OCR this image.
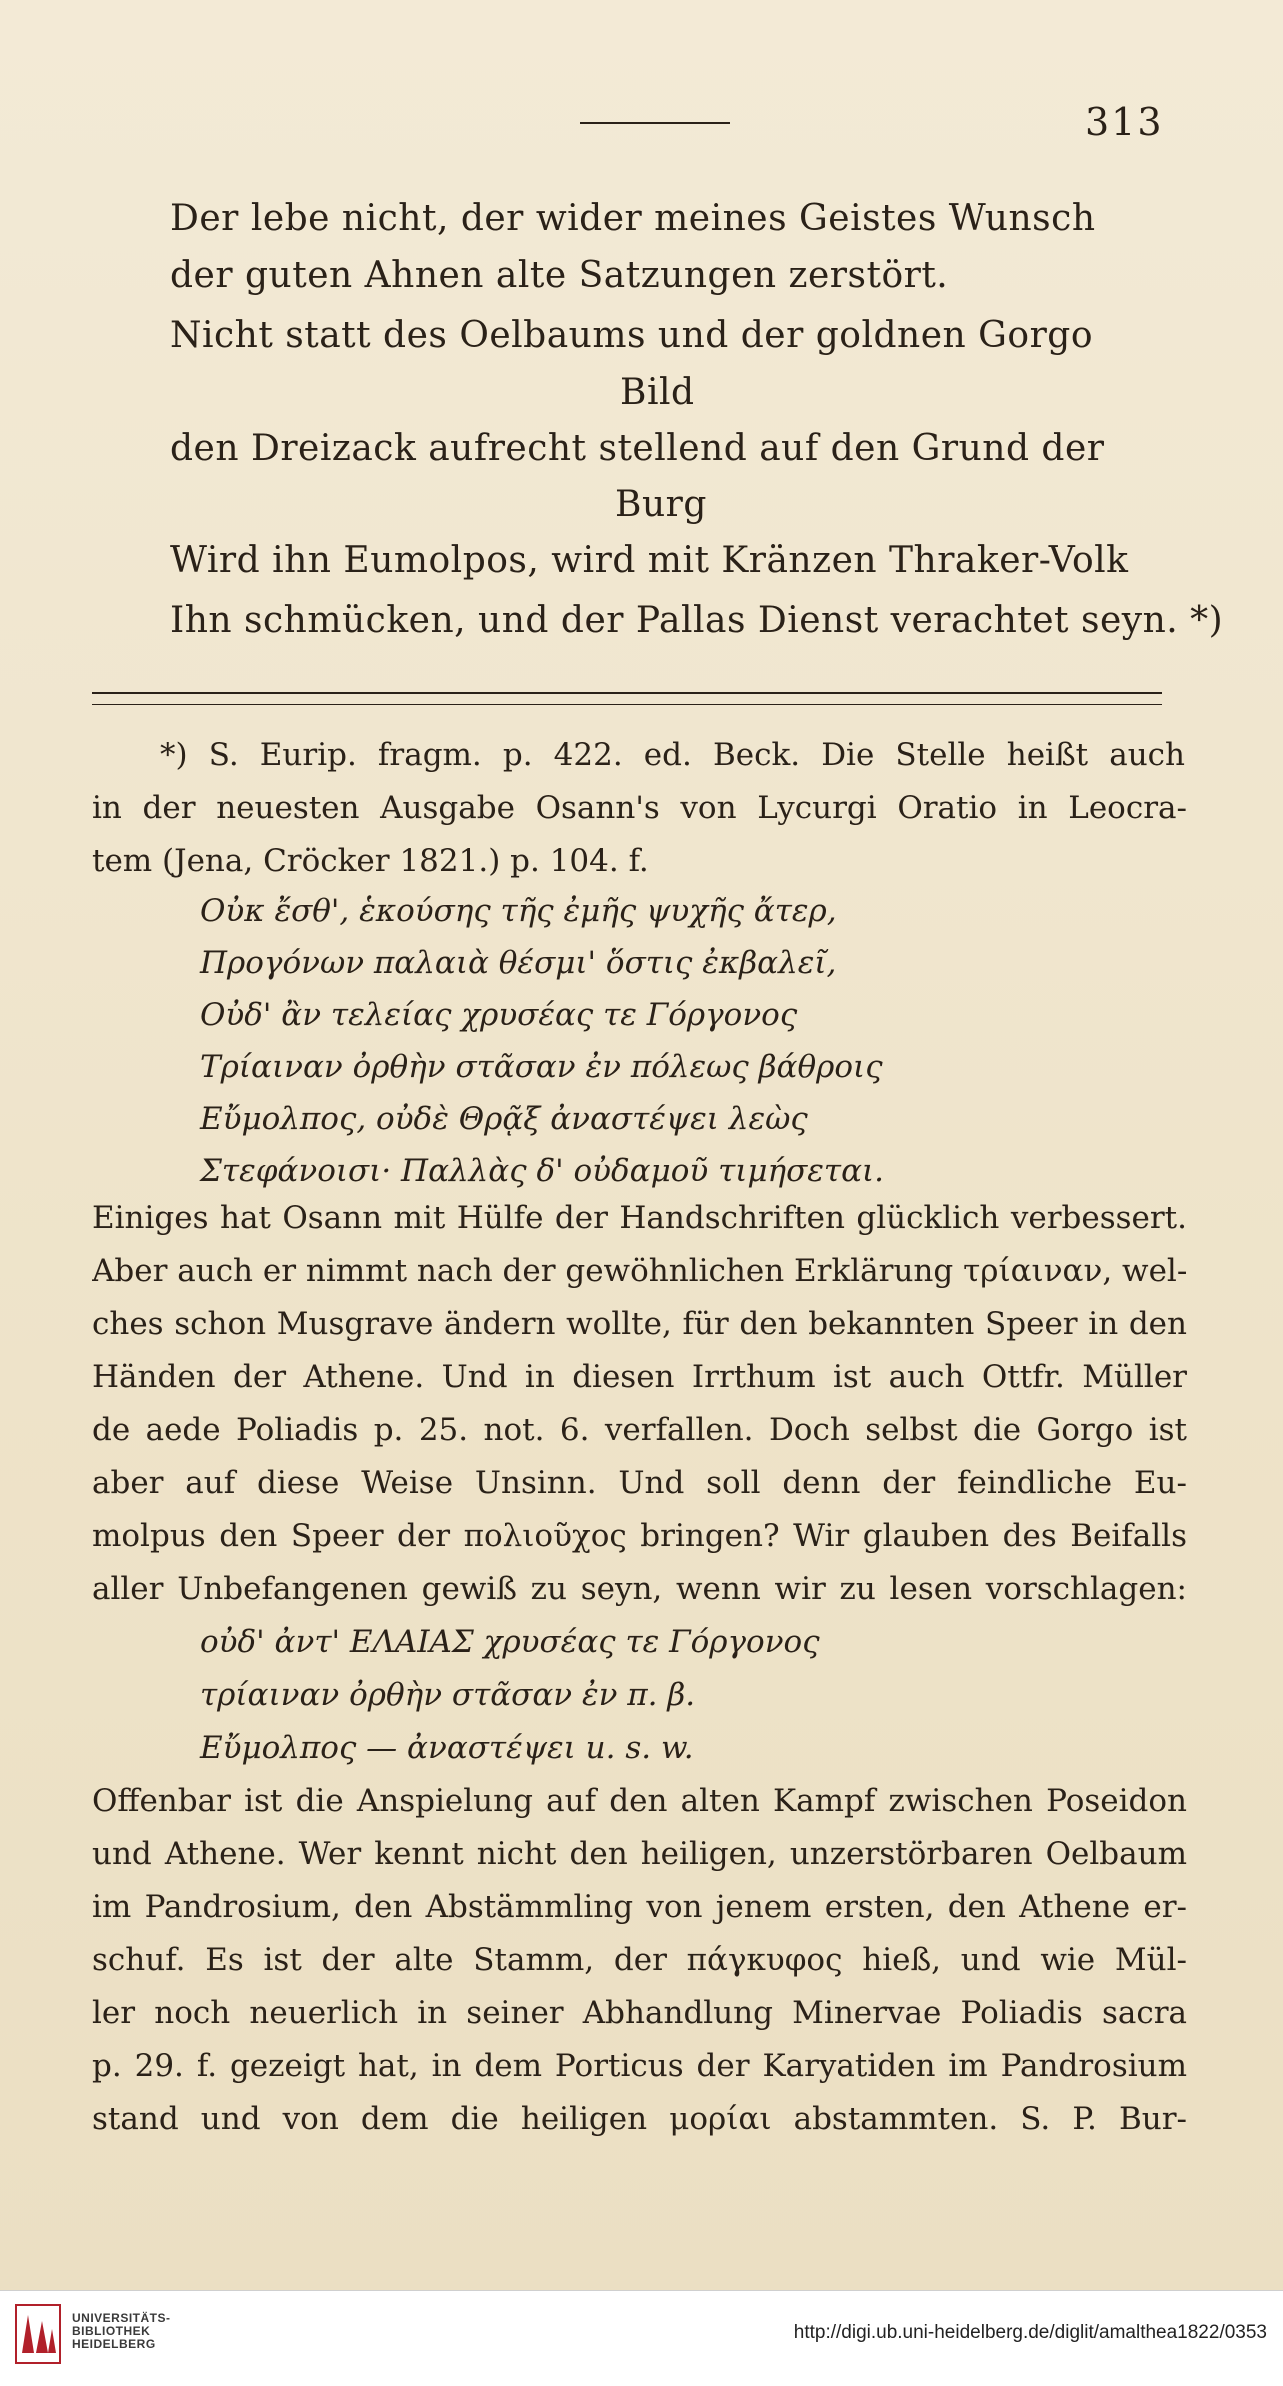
313
Der lebe nicht, der wider meines Geistes Wunsch
der guten Ahnen alte Satzungen zerstört.
Nicht statt des Oelbaums und der goldnen Gorgo
Bild
den Dreizack aufrecht stellend auf den Grund der
Burg
Wird ihn Eumolpos, wird mit Kränzen Thraker-Volk
Ihn schmücken, und der Pallas Dienst verachtet seyn. *)
*) S. Eurip. fragm. p. 422. ed. Beck. Die Stelle heißt auch
in der neuesten Ausgabe Osann's von Lycurgi Oratio in Leocra-
tem (Jena, Cröcker 1821.) p. 104. f.
Οὐκ ἔσθ', ἑκούσης τῆς ἐμῆς ψυχῆς ἄτερ,
Προγόνων παλαιὰ θέσμι' ὅστις ἐκβαλεῖ,
Οὐδ' ἂν τελείας χρυσέας τε Γόργονος
Τρίαιναν ὀρθὴν στᾶσαν ἐν πόλεως βάθροις
Εὔμολπος, οὐδὲ Θρᾷξ ἀναστέψει λεὼς
Στεφάνοισι· Παλλὰς δ' οὐδαμοῦ τιμήσεται.
Einiges hat Osann mit Hülfe der Handschriften glücklich verbessert.
Aber auch er nimmt nach der gewöhnlichen Erklärung τρίαιναν, wel-
ches schon Musgrave ändern wollte, für den bekannten Speer in den
Händen der Athene. Und in diesen Irrthum ist auch Ottfr. Müller
de aede Poliadis p. 25. not. 6. verfallen. Doch selbst die Gorgo ist
aber auf diese Weise Unsinn. Und soll denn der feindliche Eu-
molpus den Speer der πολιοῦχος bringen? Wir glauben des Beifalls
aller Unbefangenen gewiß zu seyn, wenn wir zu lesen vorschlagen:
οὐδ' ἀντ' ΕΛΑΙΑΣ χρυσέας τε Γόργονος
τρίαιναν ὀρθὴν στᾶσαν ἐν π. β.
Εὔμολπος — ἀναστέψει u. s. w.
Offenbar ist die Anspielung auf den alten Kampf zwischen Poseidon
und Athene. Wer kennt nicht den heiligen, unzerstörbaren Oelbaum
im Pandrosium, den Abstämmling von jenem ersten, den Athene er-
schuf. Es ist der alte Stamm, der πάγκυφος hieß, und wie Mül-
ler noch neuerlich in seiner Abhandlung Minervae Poliadis sacra
p. 29. f. gezeigt hat, in dem Porticus der Karyatiden im Pandrosium
stand und von dem die heiligen μορίαι abstammten. S. P. Bur-
UNIVERSITÄTS-
BIBLIOTHEK
HEIDELBERG
http://digi.ub.uni-heidelberg.de/diglit/amalthea1822/0353
